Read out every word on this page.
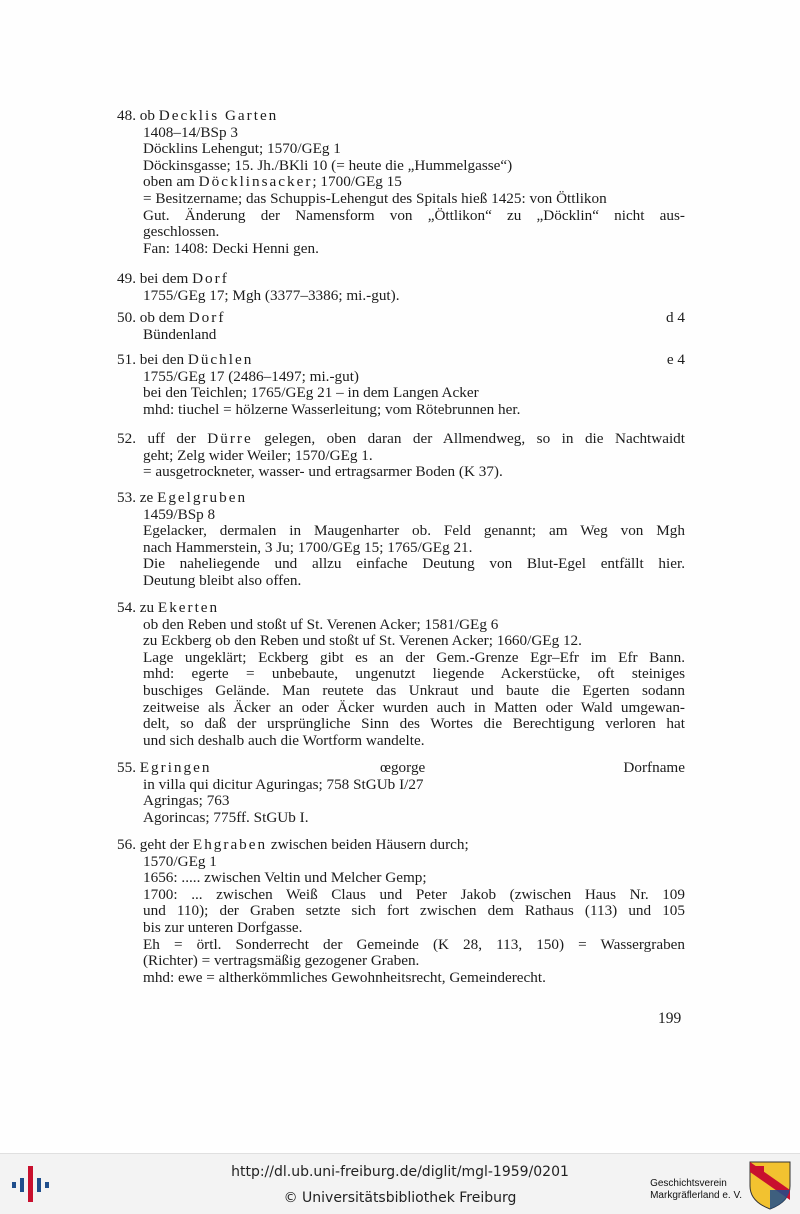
48. ob Decklis Garten
1408–14/BSp 3
Döcklins Lehengut; 1570/GEg 1
Döckinsgasse; 15. Jh./BKli 10 (= heute die „Hummelgasse“)
oben am Döcklinsacker; 1700/GEg 15
= Besitzername; das Schuppis-Lehengut des Spitals hieß 1425: von Öttlikon
Gut. Änderung der Namensform von „Öttlikon“ zu „Döcklin“ nicht aus-
geschlossen.
Fan: 1408: Decki Henni gen.
49. bei dem Dorf
1755/GEg 17; Mgh (3377–3386; mi.-gut).
50. ob dem Dorf	d 4
Bündenland
51. bei den Düchlen	e 4
1755/GEg 17 (2486–1497; mi.-gut)
bei den Teichlen; 1765/GEg 21 – in dem Langen Acker
mhd: tiuchel = hölzerne Wasserleitung; vom Rötebrunnen her.
52. uff der Dürre gelegen, oben daran der Allmendweg, so in die Nachtwaidt
geht; Zelg wider Weiler; 1570/GEg 1.
= ausgetrockneter, wasser- und ertragsarmer Boden (K 37).
53. ze Egelgruben
1459/BSp 8
Egelacker, dermalen in Maugenharter ob. Feld genannt; am Weg von Mgh
nach Hammerstein, 3 Ju; 1700/GEg 15; 1765/GEg 21.
Die naheliegende und allzu einfache Deutung von Blut-Egel entfällt hier.
Deutung bleibt also offen.
54. zu Ekerten
ob den Reben und stoßt uf St. Verenen Acker; 1581/GEg 6
zu Eckberg ob den Reben und stoßt uf St. Verenen Acker; 1660/GEg 12.
Lage ungeklärt; Eckberg gibt es an der Gem.-Grenze Egr–Efr im Efr Bann.
mhd: egerte = unbebaute, ungenutzt liegende Ackerstücke, oft steiniges
buschiges Gelände. Man reutete das Unkraut und baute die Egerten sodann
zeitweise als Äcker an oder Äcker wurden auch in Matten oder Wald umgewan-
delt, so daß der ursprüngliche Sinn des Wortes die Berechtigung verloren hat
und sich deshalb auch die Wortform wandelte.
55. Egringen	Dorfname
œgorge
in villa qui dicitur Aguringas; 758 StGUb I/27
Agringas; 763
Agorincas; 775ff. StGUb I.
56. geht der Ehgraben zwischen beiden Häusern durch;
1570/GEg 1
1656: ..... zwischen Veltin und Melcher Gemp;
1700: ... zwischen Weiß Claus und Peter Jakob (zwischen Haus Nr. 109
und 110); der Graben setzte sich fort zwischen dem Rathaus (113) und 105
bis zur unteren Dorfgasse.
Eh = örtl. Sonderrecht der Gemeinde (K 28, 113, 150) = Wassergraben
(Richter) = vertragsmäßig gezogener Graben.
mhd: ewe = altherkömmliches Gewohnheitsrecht, Gemeinderecht.
199
http://dl.ub.uni-freiburg.de/diglit/mgl-1959/0201
© Universitätsbibliothek Freiburg
Geschichtsverein
Markgräflerland e. V.
